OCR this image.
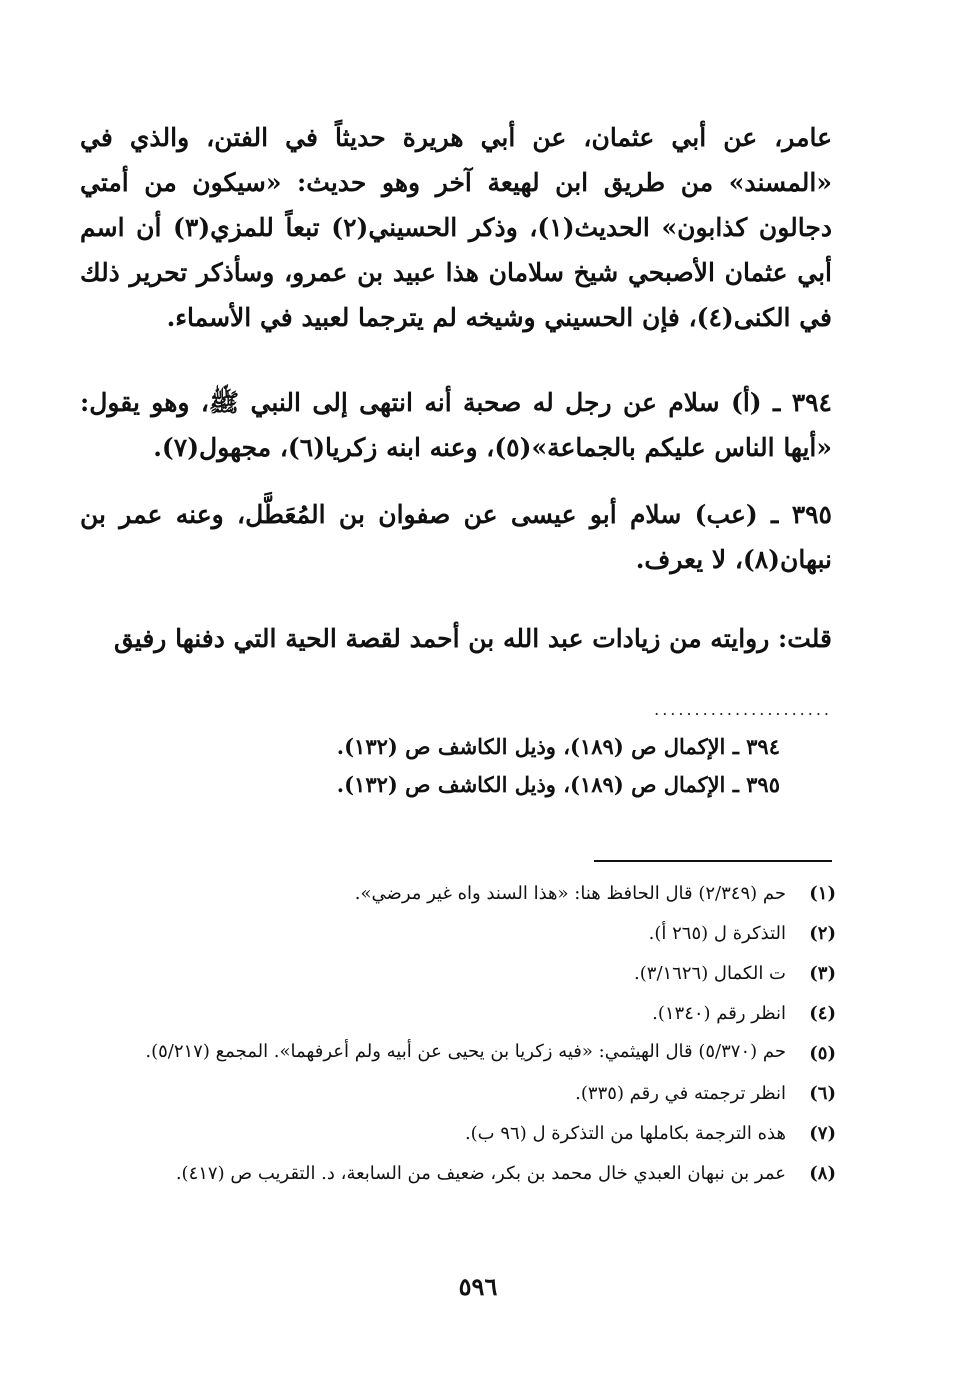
عامر، عن أبي عثمان، عن أبي هريرة حديثاً في الفتن، والذي في «المسند» من طريق ابن لهيعة آخر وهو حديث: «سيكون من أمتي دجالون كذابون» الحديث(١)، وذكر الحسيني(٢) تبعاً للمزي(٣) أن اسم أبي عثمان الأصبحي شيخ سلامان هذا عبيد بن عمرو، وسأذكر تحرير ذلك في الكنى(٤)، فإن الحسيني وشيخه لم يترجما لعبيد في الأسماء.

٣٩٤ ـ (أ) سلام عن رجل له صحبة أنه انتهى إلى النبي ﷺ، وهو يقول: «أيها الناس عليكم بالجماعة»(٥)، وعنه ابنه زكريا(٦)، مجهول(٧).

٣٩٥ ـ (عب) سلام أبو عيسى عن صفوان بن المُعَطَّل، وعنه عمر بن نبهان(٨)، لا يعرف.

قلت: روايته من زيادات عبد الله بن أحمد لقصة الحية التي دفنها رفيق

......................
٣٩٤ ـ الإكمال ص (١٨٩)، وذيل الكاشف ص (١٣٢).
٣٩٥ ـ الإكمال ص (١٨٩)، وذيل الكاشف ص (١٣٢).
(١)
حم (٢/٣٤٩) قال الحافظ هنا: «هذا السند واه غير مرضي».
(٢)
التذكرة ل (٢٦٥ أ).
(٣)
ت الكمال (٣/١٦٢٦).
(٤)
انظر رقم (١٣٤٠).
(٥)
حم (٥/٣٧٠) قال الهيثمي: «فيه زكريا بن يحيى عن أبيه ولم أعرفهما». المجمع (٥/٢١٧).
(٦)
انظر ترجمته في رقم (٣٣٥).
(٧)
هذه الترجمة بكاملها من التذكرة ل (٩٦ ب).
(٨)
عمر بن نبهان العبدي خال محمد بن بكر، ضعيف من السابعة، د. التقريب ص (٤١٧).
٥٩٦
